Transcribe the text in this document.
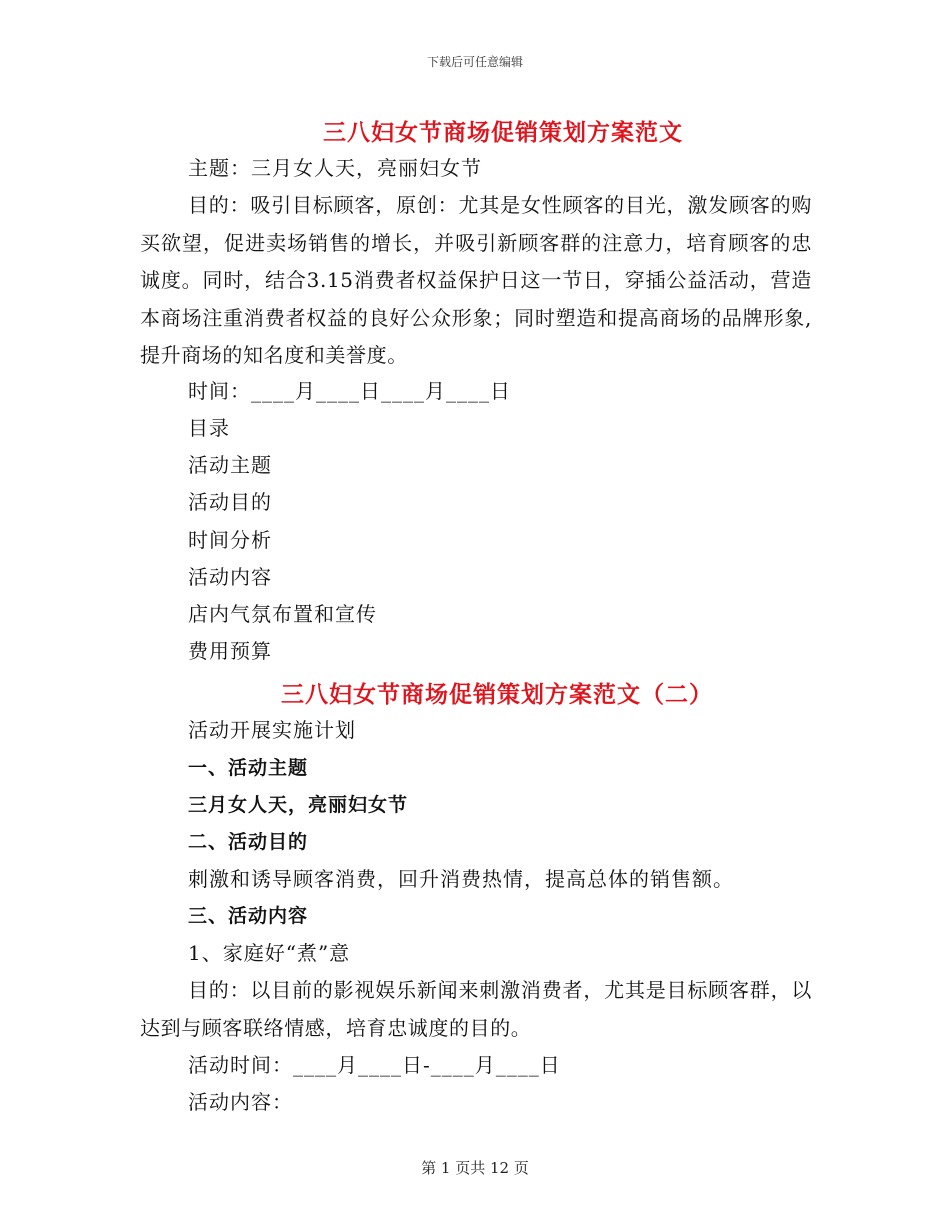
下载后可任意编辑
三八妇女节商场促销策划方案范文
主题：三月女人天，亮丽妇女节
目的：吸引目标顾客，原创：尤其是女性顾客的目光，激发顾客的购买欲望，促进卖场销售的增长，并吸引新顾客群的注意力，培育顾客的忠诚度。同时，结合3.15消费者权益保护日这一节日，穿插公益活动，营造本商场注重消费者权益的良好公众形象；同时塑造和提高商场的品牌形象,提升商场的知名度和美誉度。
时间：____月____日____月____日
目录
活动主题
活动目的
时间分析
活动内容
店内气氛布置和宣传
费用预算
三八妇女节商场促销策划方案范文（二）
活动开展实施计划
一、活动主题
三月女人天，亮丽妇女节
二、活动目的
刺激和诱导顾客消费，回升消费热情，提高总体的销售额。
三、活动内容
1、家庭好“煮”意
目的：以目前的影视娱乐新闻来刺激消费者，尤其是目标顾客群，以达到与顾客联络情感，培育忠诚度的目的。
活动时间：____月____日-____月____日
活动内容：
第 1 页共 12 页
